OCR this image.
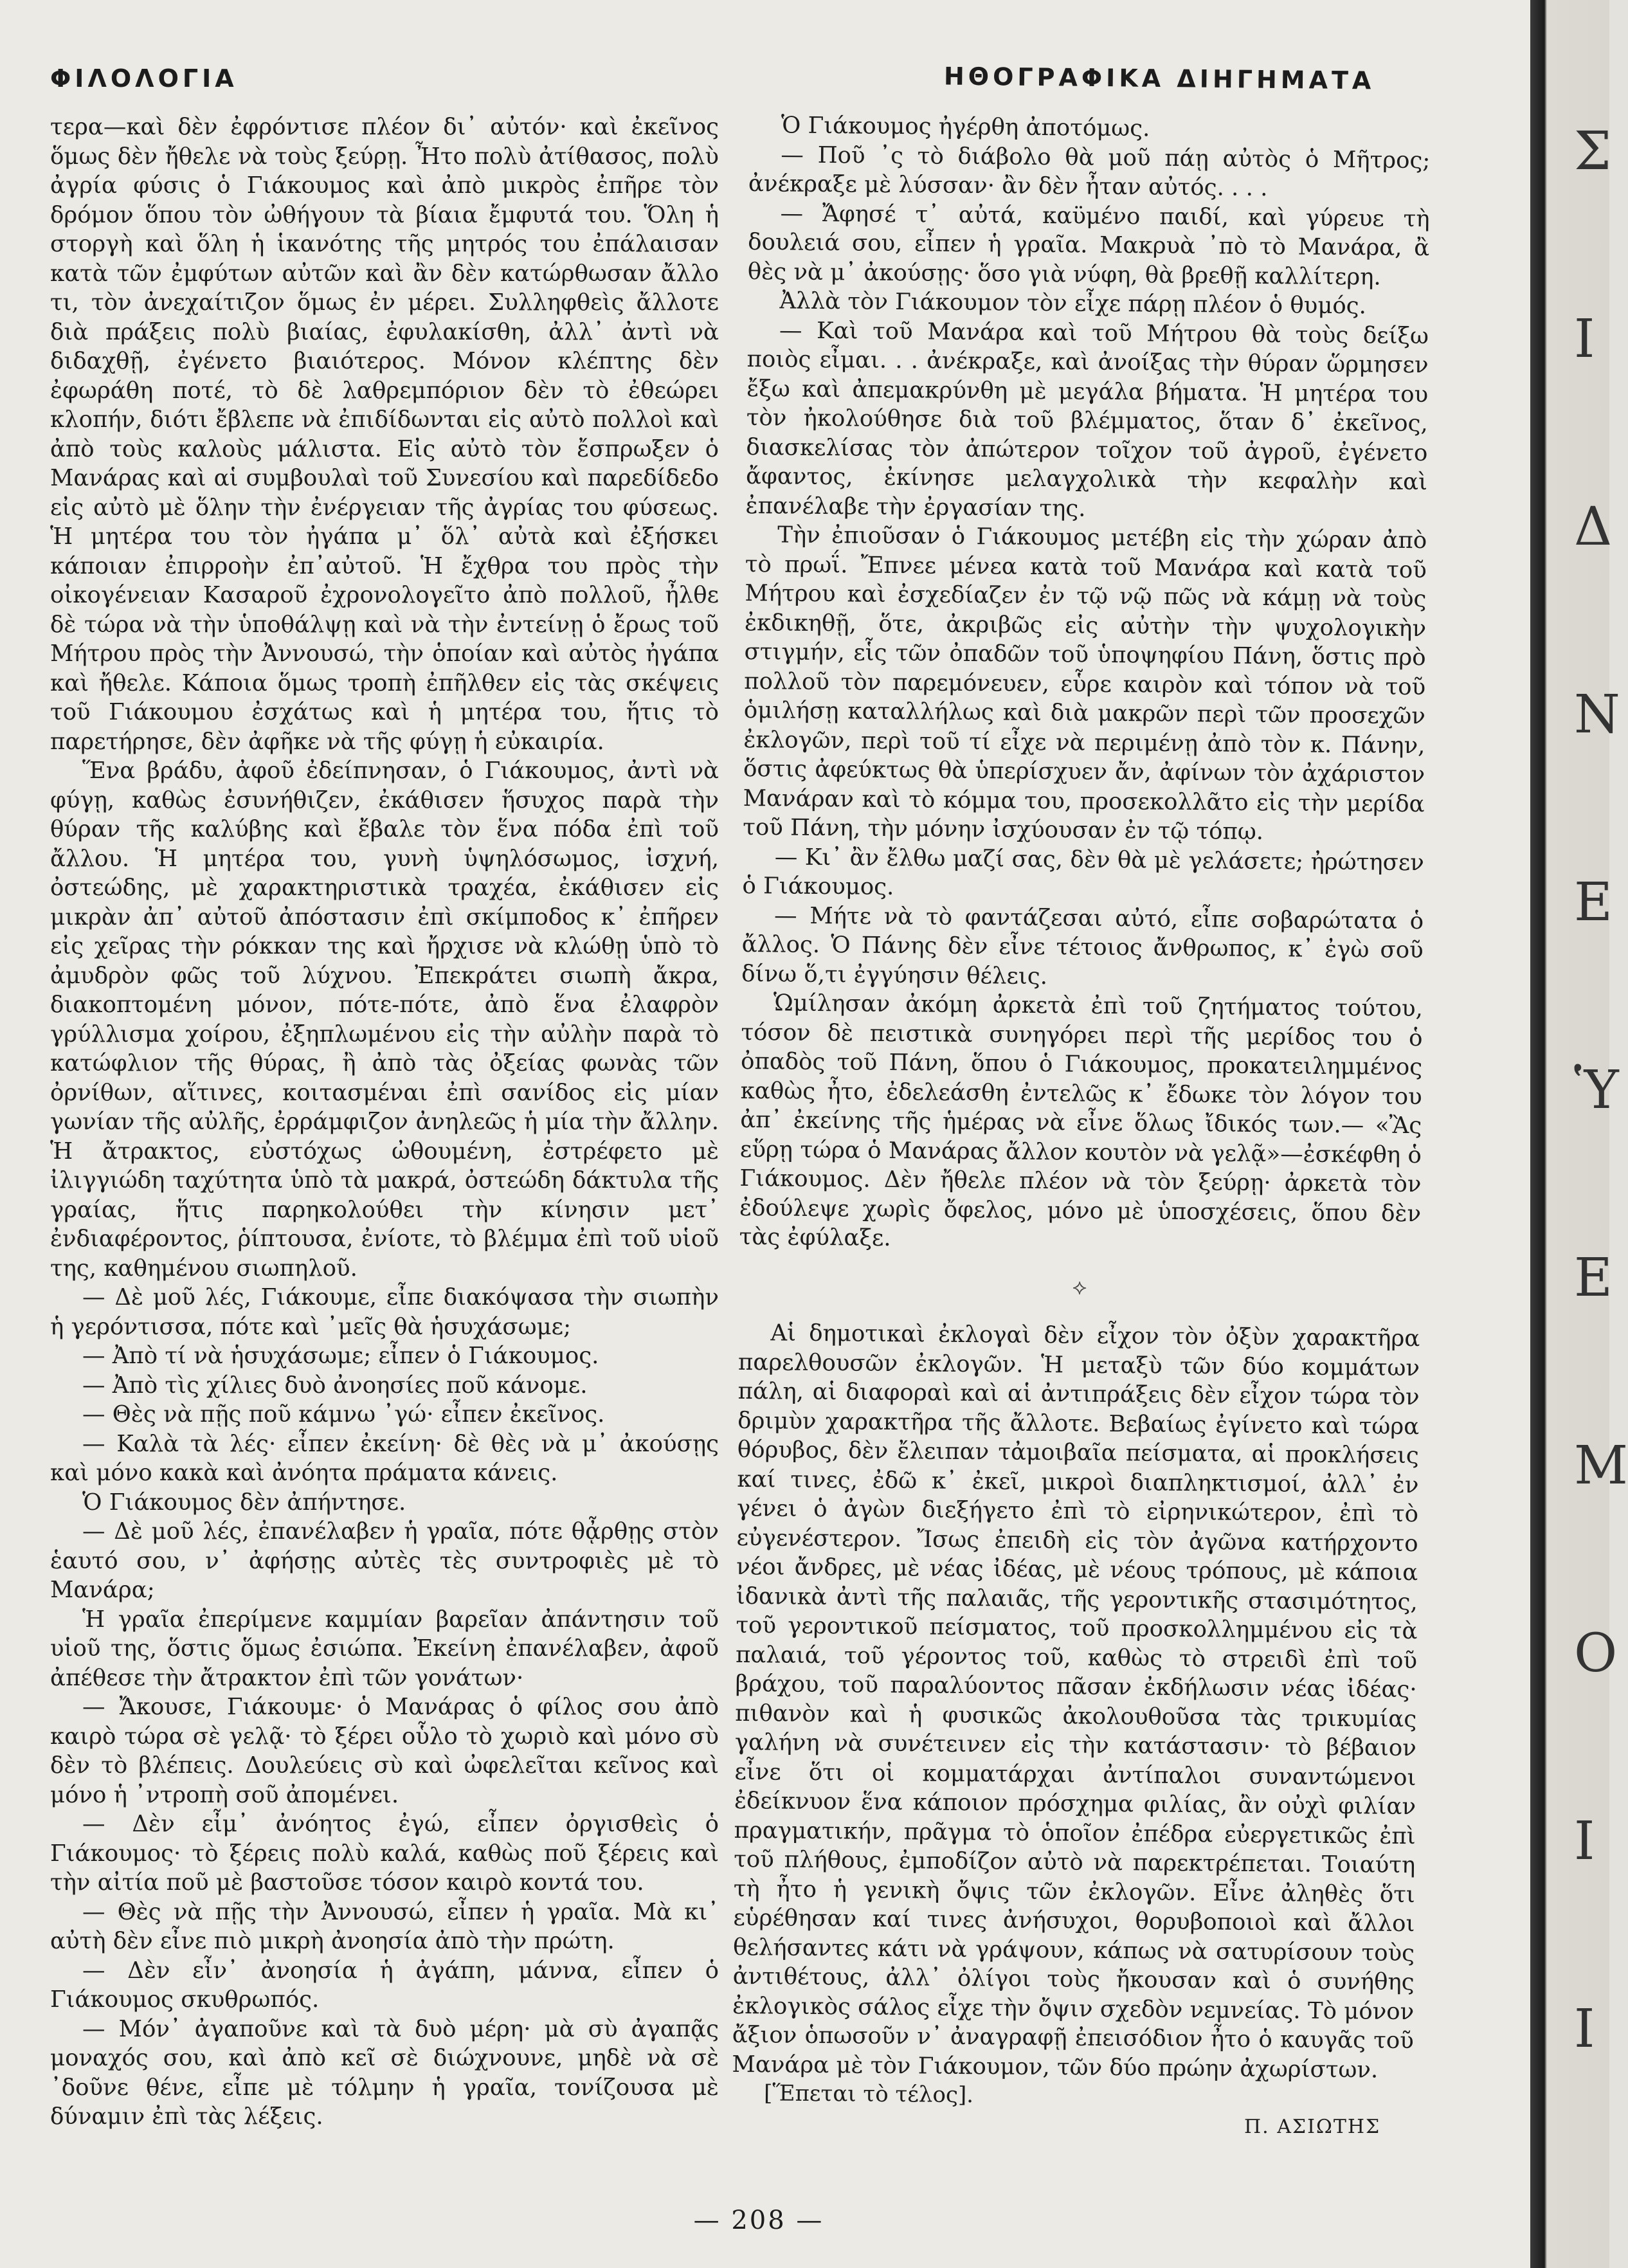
Σ
Ι
Δ
Ν
Ε
Ὑ
Ε
Μ
Ο
Ι
Ι
ΦΙΛΟΛΟΓΙΑ	ΗΘΟΓΡΑΦΙΚΑ ΔΙΗΓΗΜΑΤΑ

τερα—καὶ δὲν ἐφρόντισε πλέον δι᾽ αὐτόν· καὶ ἐκεῖνος ὅμως δὲν ἤθελε νὰ τοὺς ξεύρῃ. Ἦτο πολὺ ἀτίθασος, πολὺ ἀγρία φύσις ὁ Γιάκουμος καὶ ἀπὸ μικρὸς ἐπῆρε τὸν δρόμον ὅπου τὸν ὠθήγουν τὰ βίαια ἔμφυτά του. Ὅλη ἡ στοργὴ καὶ ὅλη ἡ ἱκανότης τῆς μητρός του ἐπάλαισαν κατὰ τῶν ἐμφύτων αὐτῶν καὶ ἂν δὲν κατώρθωσαν ἄλλο τι, τὸν ἀνεχαίτιζον ὅμως ἐν μέρει. Συλληφθεὶς ἄλλοτε διὰ πράξεις πολὺ βιαίας, ἐφυλακίσθη, ἀλλ᾽ ἀντὶ νὰ διδαχθῇ, ἐγένετο βιαιότερος. Μόνον κλέπτης δὲν ἐφωράθη ποτέ, τὸ δὲ λαθρεμπόριον δὲν τὸ ἐθεώρει κλοπήν, διότι ἔβλεπε νὰ ἐπιδίδωνται εἰς αὐτὸ πολλοὶ καὶ ἀπὸ τοὺς καλοὺς μάλιστα. Εἰς αὐτὸ τὸν ἔσπρωξεν ὁ Μανάρας καὶ αἱ συμβουλαὶ τοῦ Συνεσίου καὶ παρεδίδεδο εἰς αὐτὸ μὲ ὅλην τὴν ἐνέργειαν τῆς ἀγρίας του φύσεως. Ἡ μητέρα του τὸν ἠγάπα μ᾽ ὅλ᾽ αὐτὰ καὶ ἐξήσκει κάποιαν ἐπιρροὴν ἐπ᾽αὐτοῦ. Ἡ ἔχθρα του πρὸς τὴν οἰκογένειαν Κασαροῦ ἐχρονολογεῖτο ἀπὸ πολλοῦ, ἦλθε δὲ τώρα νὰ τὴν ὑποθάλψῃ καὶ νὰ τὴν ἐντείνῃ ὁ ἔρως τοῦ Μήτρου πρὸς τὴν Ἀννουσώ, τὴν ὁποίαν καὶ αὐτὸς ἠγάπα καὶ ἤθελε. Κάποια ὅμως τροπὴ ἐπῆλθεν εἰς τὰς σκέψεις τοῦ Γιάκουμου ἐσχάτως καὶ ἡ μητέρα του, ἥτις τὸ παρετήρησε, δὲν ἀφῆκε νὰ τῆς φύγῃ ἡ εὐκαιρία.

Ἕνα βράδυ, ἀφοῦ ἐδείπνησαν, ὁ Γιάκουμος, ἀντὶ νὰ φύγῃ, καθὼς ἐσυνήθιζεν, ἐκάθισεν ἥσυχος παρὰ τὴν θύραν τῆς καλύβης καὶ ἔβαλε τὸν ἕνα πόδα ἐπὶ τοῦ ἄλλου. Ἡ μητέρα του, γυνὴ ὑψηλόσωμος, ἰσχνή, ὀστεώδης, μὲ χαρακτηριστικὰ τραχέα, ἐκάθισεν εἰς μικρὰν ἀπ᾽ αὐτοῦ ἀπόστασιν ἐπὶ σκίμποδος κ᾽ ἐπῆρεν εἰς χεῖρας τὴν ρόκκαν της καὶ ἤρχισε νὰ κλώθῃ ὑπὸ τὸ ἀμυδρὸν φῶς τοῦ λύχνου. Ἐπεκράτει σιωπὴ ἄκρα, διακοπτομένη μόνον, πότε-πότε, ἀπὸ ἕνα ἐλαφρὸν γρύλλισμα χοίρου, ἐξηπλωμένου εἰς τὴν αὐλὴν παρὰ τὸ κατώφλιον τῆς θύρας, ἢ ἀπὸ τὰς ὀξείας φωνὰς τῶν ὀρνίθων, αἵτινες, κοιτασμέναι ἐπὶ σανίδος εἰς μίαν γωνίαν τῆς αὐλῆς, ἐρράμφιζον ἀνηλεῶς ἡ μία τὴν ἄλλην. Ἡ ἄτρακτος, εὐστόχως ὠθουμένη, ἐστρέφετο μὲ ἰλιγγιώδη ταχύτητα ὑπὸ τὰ μακρά, ὀστεώδη δάκτυλα τῆς γραίας, ἥτις παρηκολούθει τὴν κίνησιν μετ᾽ ἐνδιαφέροντος, ῥίπτουσα, ἐνίοτε, τὸ βλέμμα ἐπὶ τοῦ υἱοῦ της, καθημένου σιωπηλοῦ.

— Δὲ μοῦ λές, Γιάκουμε, εἶπε διακόψασα τὴν σιωπὴν ἡ γερόντισσα, πότε καὶ ᾽μεῖς θὰ ἡσυχάσωμε;

— Ἀπὸ τί νὰ ἡσυχάσωμε; εἶπεν ὁ Γιάκουμος.

— Ἀπὸ τὶς χίλιες δυὸ ἀνοησίες ποῦ κάνομε.

— Θὲς νὰ πῇς ποῦ κάμνω ᾽γώ· εἶπεν ἐκεῖνος.

— Καλὰ τὰ λές· εἶπεν ἐκείνη· δὲ θὲς νὰ μ᾽ ἀκούσῃς καὶ μόνο κακὰ καὶ ἀνόητα πράματα κάνεις.

Ὁ Γιάκουμος δὲν ἀπήντησε.

— Δὲ μοῦ λές, ἐπανέλαβεν ἡ γραῖα, πότε θᾆρθῃς στὸν ἑαυτό σου, ν᾽ ἀφήσῃς αὐτὲς τὲς συντροφιὲς μὲ τὸ Μανάρα;

Ἡ γραῖα ἐπερίμενε καμμίαν βαρεῖαν ἀπάντησιν τοῦ υἱοῦ της, ὅστις ὅμως ἐσιώπα. Ἐκείνη ἐπανέλαβεν, ἀφοῦ ἀπέθεσε τὴν ἄτρακτον ἐπὶ τῶν γονάτων·

— Ἄκουσε, Γιάκουμε· ὁ Μανάρας ὁ φίλος σου ἀπὸ καιρὸ τώρα σὲ γελᾷ· τὸ ξέρει οὗλο τὸ χωριὸ καὶ μόνο σὺ δὲν τὸ βλέπεις. Δουλεύεις σὺ καὶ ὠφελεῖται κεῖνος καὶ μόνο ἡ ᾽ντροπὴ σοῦ ἀπομένει.

— Δὲν εἶμ᾽ ἀνόητος ἐγώ, εἶπεν ὀργισθεὶς ὁ Γιάκουμος· τὸ ξέρεις πολὺ καλά, καθὼς ποῦ ξέρεις καὶ τὴν αἰτία ποῦ μὲ βαστοῦσε τόσον καιρὸ κοντά του.

— Θὲς νὰ πῇς τὴν Ἀννουσώ, εἶπεν ἡ γραῖα. Μὰ κι᾽ αὐτὴ δὲν εἶνε πιὸ μικρὴ ἀνοησία ἀπὸ τὴν πρώτη.

— Δὲν εἶν᾽ ἀνοησία ἡ ἀγάπη, μάννα, εἶπεν ὁ Γιάκουμος σκυθρωπός.

— Μόν᾽ ἀγαποῦνε καὶ τὰ δυὸ μέρη· μὰ σὺ ἀγαπᾷς μοναχός σου, καὶ ἀπὸ κεῖ σὲ διώχνουνε, μηδὲ νὰ σὲ ᾽δοῦνε θένε, εἶπε μὲ τόλμην ἡ γραῖα, τονίζουσα μὲ δύναμιν ἐπὶ τὰς λέξεις.

Ὁ Γιάκουμος ἠγέρθη ἀποτόμως.

— Ποῦ ᾽ς τὸ διάβολο θὰ μοῦ πάῃ αὐτὸς ὁ Μῆτρος; ἀνέκραξε μὲ λύσσαν· ἂν δὲν ἦταν αὐτός. . . .

— Ἄφησέ τ᾽ αὐτά, καϋμένο παιδί, καὶ γύρευε τὴ δουλειά σου, εἶπεν ἡ γραῖα. Μακρυὰ ᾽πὸ τὸ Μανάρα, ἂ θὲς νὰ μ᾽ ἀκούσῃς· ὅσο γιὰ νύφη, θὰ βρεθῇ καλλίτερη.

Ἀλλὰ τὸν Γιάκουμον τὸν εἶχε πάρῃ πλέον ὁ θυμός.

— Καὶ τοῦ Μανάρα καὶ τοῦ Μήτρου θὰ τοὺς δείξω ποιὸς εἶμαι. . . ἀνέκραξε, καὶ ἀνοίξας τὴν θύραν ὥρμησεν ἔξω καὶ ἀπεμακρύνθη μὲ μεγάλα βήματα. Ἡ μητέρα του τὸν ἠκολούθησε διὰ τοῦ βλέμματος, ὅταν δ᾽ ἐκεῖνος, διασκελίσας τὸν ἀπώτερον τοῖχον τοῦ ἀγροῦ, ἐγένετο ἄφαντος, ἐκίνησε μελαγχολικὰ τὴν κεφαλὴν καὶ ἐπανέλαβε τὴν ἐργασίαν της.

Τὴν ἐπιοῦσαν ὁ Γιάκουμος μετέβη εἰς τὴν χώραν ἀπὸ τὸ πρωΐ. Ἔπνεε μένεα κατὰ τοῦ Μανάρα καὶ κατὰ τοῦ Μήτρου καὶ ἐσχεδίαζεν ἐν τῷ νῷ πῶς νὰ κάμῃ νὰ τοὺς ἐκδικηθῇ, ὅτε, ἀκριβῶς εἰς αὐτὴν τὴν ψυχολογικὴν στιγμήν, εἷς τῶν ὀπαδῶν τοῦ ὑποψηφίου Πάνη, ὅστις πρὸ πολλοῦ τὸν παρεμόνευεν, εὗρε καιρὸν καὶ τόπον νὰ τοῦ ὁμιλήσῃ καταλλήλως καὶ διὰ μακρῶν περὶ τῶν προσεχῶν ἐκλογῶν, περὶ τοῦ τί εἶχε νὰ περιμένῃ ἀπὸ τὸν κ. Πάνην, ὅστις ἀφεύκτως θὰ ὑπερίσχυεν ἄν, ἀφίνων τὸν ἀχάριστον Μανάραν καὶ τὸ κόμμα του, προσεκολλᾶτο εἰς τὴν μερίδα τοῦ Πάνη, τὴν μόνην ἰσχύουσαν ἐν τῷ τόπῳ.

— Κι᾽ ἂν ἔλθω μαζί σας, δὲν θὰ μὲ γελάσετε; ἠρώτησεν ὁ Γιάκουμος.

— Μήτε νὰ τὸ φαντάζεσαι αὐτό, εἶπε σοβαρώτατα ὁ ἄλλος. Ὁ Πάνης δὲν εἶνε τέτοιος ἄνθρωπος, κ᾽ ἐγὼ σοῦ δίνω ὅ,τι ἐγγύησιν θέλεις.

Ὡμίλησαν ἀκόμη ἀρκετὰ ἐπὶ τοῦ ζητήματος τούτου, τόσον δὲ πειστικὰ συνηγόρει περὶ τῆς μερίδος του ὁ ὀπαδὸς τοῦ Πάνη, ὅπου ὁ Γιάκουμος, προκατειλημμένος καθὼς ἦτο, ἐδελεάσθη ἐντελῶς κ᾽ ἔδωκε τὸν λόγον του ἀπ᾽ ἐκείνης τῆς ἡμέρας νὰ εἶνε ὅλως ἴδικός των.— «Ἂς εὕρῃ τώρα ὁ Μανάρας ἄλλον κουτὸν νὰ γελᾷ»—ἐσκέφθη ὁ Γιάκουμος. Δὲν ἤθελε πλέον νὰ τὸν ξεύρῃ· ἀρκετὰ τὸν ἐδούλεψε χωρὶς ὄφελος, μόνο μὲ ὑποσχέσεις, ὅπου δὲν τὰς ἐφύλαξε.

⟡

Αἱ δημοτικαὶ ἐκλογαὶ δὲν εἶχον τὸν ὀξὺν χαρακτῆρα παρελθουσῶν ἐκλογῶν. Ἡ μεταξὺ τῶν δύο κομμάτων πάλη, αἱ διαφοραὶ καὶ αἱ ἀντιπράξεις δὲν εἶχον τώρα τὸν δριμὺν χαρακτῆρα τῆς ἄλλοτε. Βεβαίως ἐγίνετο καὶ τώρα θόρυβος, δὲν ἔλειπαν τἀμοιβαῖα πείσματα, αἱ προκλήσεις καί τινες, ἐδῶ κ᾽ ἐκεῖ, μικροὶ διαπληκτισμοί, ἀλλ᾽ ἐν γένει ὁ ἀγὼν διεξήγετο ἐπὶ τὸ εἰρηνικώτερον, ἐπὶ τὸ εὐγενέστερον. Ἴσως ἐπειδὴ εἰς τὸν ἀγῶνα κατήρχοντο νέοι ἄνδρες, μὲ νέας ἰδέας, μὲ νέους τρόπους, μὲ κάποια ἰδανικὰ ἀντὶ τῆς παλαιᾶς, τῆς γεροντικῆς στασιμότητος, τοῦ γεροντικοῦ πείσματος, τοῦ προσκολλημμένου εἰς τὰ παλαιά, τοῦ γέροντος τοῦ, καθὼς τὸ στρειδὶ ἐπὶ τοῦ βράχου, τοῦ παραλύοντος πᾶσαν ἐκδήλωσιν νέας ἰδέας· πιθανὸν καὶ ἡ φυσικῶς ἀκολουθοῦσα τὰς τρικυμίας γαλήνη νὰ συνέτεινεν εἰς τὴν κατάστασιν· τὸ βέβαιον εἶνε ὅτι οἱ κομματάρχαι ἀντίπαλοι συναντώμενοι ἐδείκνυον ἕνα κάποιον πρόσχημα φιλίας, ἂν οὐχὶ φιλίαν πραγματικήν, πρᾶγμα τὸ ὁποῖον ἐπέδρα εὐεργετικῶς ἐπὶ τοῦ πλήθους, ἐμποδίζον αὐτὸ νὰ παρεκτρέπεται. Τοιαύτη τὴ ἦτο ἡ γενικὴ ὄψις τῶν ἐκλογῶν. Εἶνε ἀληθὲς ὅτι εὑρέθησαν καί τινες ἀνήσυχοι, θορυβοποιοὶ καὶ ἄλλοι θελήσαντες κάτι νὰ γράψουν, κάπως νὰ σατυρίσουν τοὺς ἀντιθέτους, ἀλλ᾽ ὀλίγοι τοὺς ἤκουσαν καὶ ὁ συνήθης ἐκλογικὸς σάλος εἶχε τὴν ὄψιν σχεδὸν νεμνείας. Τὸ μόνον ἄξιον ὁπωσοῦν ν᾽ ἀναγραφῇ ἐπεισόδιον ἦτο ὁ καυγᾶς τοῦ Μανάρα μὲ τὸν Γιάκουμον, τῶν δύο πρώην ἀχωρίστων.

[Ἕπεται τὸ τέλος].

Π. ΑΣΙΩΤΗΣ
— 208 —
